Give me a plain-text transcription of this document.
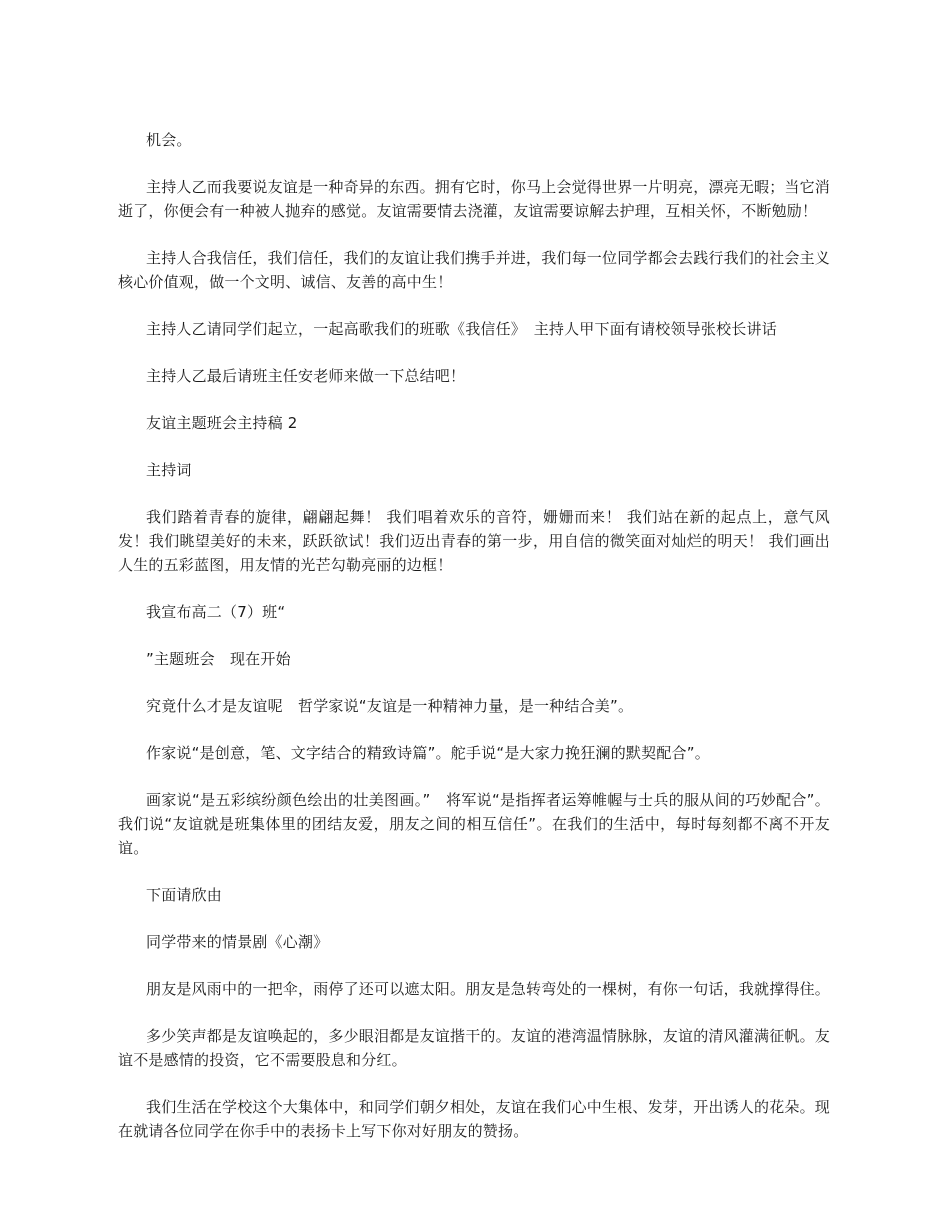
机会。

主持人乙而我要说友谊是一种奇异的东西。拥有它时，你马上会觉得世界一片明亮，漂亮无暇；当它消逝了，你便会有一种被人抛弃的感觉。友谊需要情去浇灌，友谊需要谅解去护理，互相关怀，不断勉励！

主持人合我信任，我们信任，我们的友谊让我们携手并进，我们每一位同学都会去践行我们的社会主义核心价值观，做一个文明、诚信、友善的高中生！

主持人乙请同学们起立，一起高歌我们的班歌《我信任》　主持人甲下面有请校领导张校长讲话

主持人乙最后请班主任安老师来做一下总结吧！

友谊主题班会主持稿 2

主持词

我们踏着青春的旋律，翩翩起舞！ 我们唱着欢乐的音符，姗姗而来！ 我们站在新的起点上，意气风发！我们眺望美好的未来，跃跃欲试！我们迈出青春的第一步，用自信的微笑面对灿烂的明天！ 我们画出人生的五彩蓝图，用友情的光芒勾勒亮丽的边框！

我宣布高二（7）班“

”主题班会　现在开始

究竟什么才是友谊呢　哲学家说“友谊是一种精神力量，是一种结合美”。

作家说“是创意，笔、文字结合的精致诗篇”。舵手说“是大家力挽狂澜的默契配合”。

画家说“是五彩缤纷颜色绘出的壮美图画。”　将军说“是指挥者运筹帷幄与士兵的服从间的巧妙配合”。我们说“友谊就是班集体里的团结友爱，朋友之间的相互信任”。在我们的生活中，每时每刻都不离不开友谊。

下面请欣由

同学带来的情景剧《心潮》

朋友是风雨中的一把伞，雨停了还可以遮太阳。朋友是急转弯处的一棵树，有你一句话，我就撑得住。

多少笑声都是友谊唤起的，多少眼泪都是友谊揩干的。友谊的港湾温情脉脉，友谊的清风灌满征帆。友谊不是感情的投资，它不需要股息和分红。

我们生活在学校这个大集体中，和同学们朝夕相处，友谊在我们心中生根、发芽，开出诱人的花朵。现在就请各位同学在你手中的表扬卡上写下你对好朋友的赞扬。
